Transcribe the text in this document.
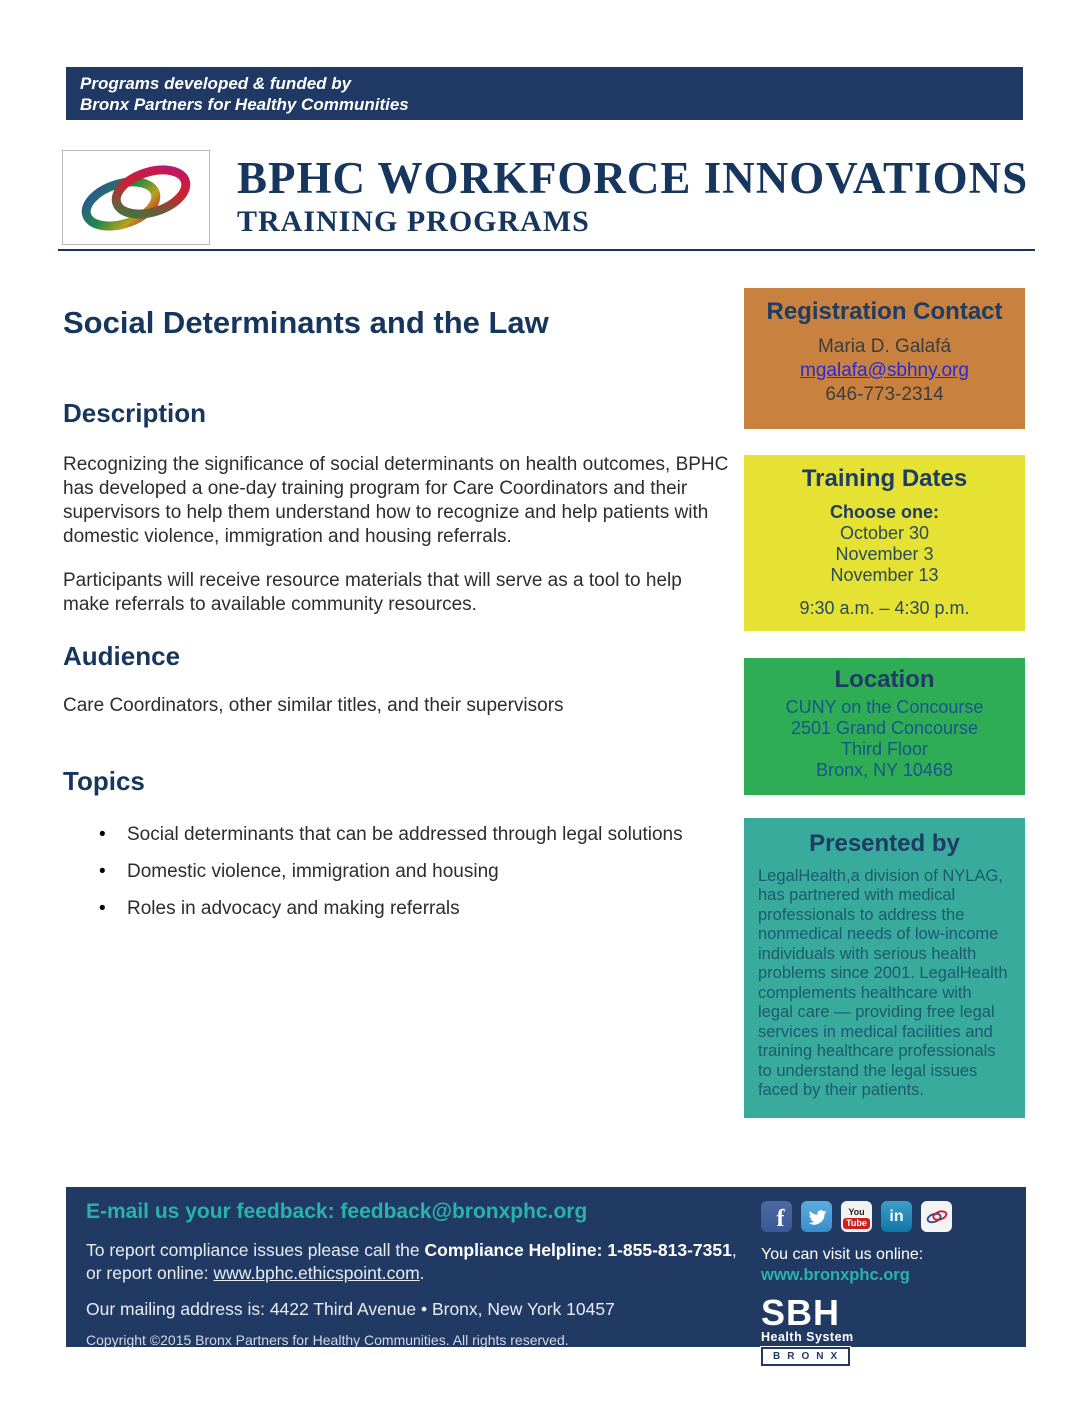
Programs developed & funded by
Bronx Partners for Healthy Communities
BPHC WORKFORCE INNOVATIONS
TRAINING PROGRAMS
Social Determinants and the Law
Description
Recognizing the significance of social determinants on health outcomes, BPHC has developed a one-day training program for Care Coordinators and their supervisors to help them understand how to recognize and help patients with domestic violence, immigration and housing referrals.
Participants will receive resource materials that will serve as a tool to help make referrals to available community resources.
Audience
Care Coordinators, other similar titles, and their supervisors
Topics
• Social determinants that can be addressed through legal solutions
• Domestic violence, immigration and housing
• Roles in advocacy and making referrals
Registration Contact
Maria D. Galafá
mgalafa@sbhny.org
646-773-2314
Training Dates
Choose one:
October 30
November 3
November 13
9:30 a.m. – 4:30 p.m.
Location
CUNY on the Concourse
2501 Grand Concourse
Third Floor
Bronx, NY 10468
Presented by
LegalHealth,a division of NYLAG, has partnered with medical professionals to address the nonmedical needs of low-income individuals with serious health problems since 2001. LegalHealth complements healthcare with legal care — providing free legal services in medical facilities and training healthcare professionals to understand the legal issues faced by their patients.
E-mail us your feedback: feedback@bronxphc.org
To report compliance issues please call the Compliance Helpline: 1-855-813-7351,
or report online: www.bphc.ethicspoint.com.
Our mailing address is: 4422 Third Avenue • Bronx, New York 10457
Copyright ©2015 Bronx Partners for Healthy Communities. All rights reserved.
f	You
Tube	in
You can visit us online:
www.bronxphc.org
SBH
Health System
BRONX
